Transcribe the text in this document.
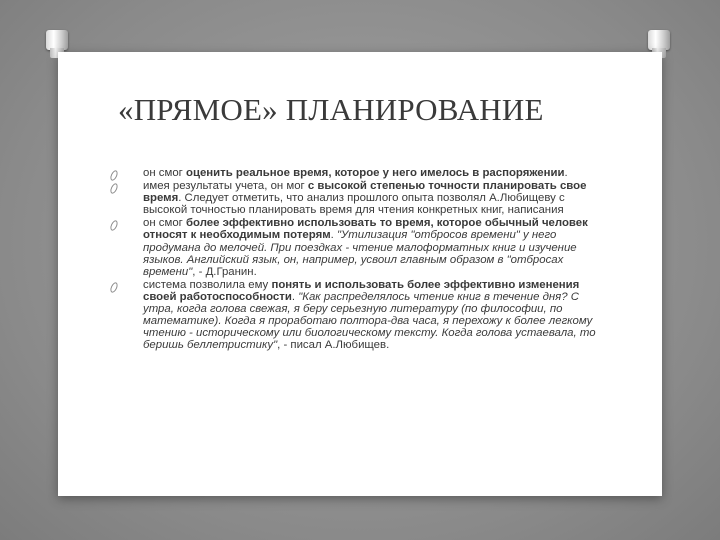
«ПРЯМОЕ» ПЛАНИРОВАНИЕ
он смог оценить реальное время, которое у него имелось в распоряжении.
имея результаты учета, он мог с высокой степенью точности планировать свое время. Следует отметить, что анализ прошлого опыта позволял А.Любищеву с высокой точностью планировать время для чтения конкретных книг, написания
он смог более эффективно использовать то время, которое обычный человек относят к необходимым потерям. "Утилизация "отбросов времени" у него продумана до мелочей. При поездках - чтение малоформатных книг и изучение языков. Английский язык, он, например, усвоил главным образом в "отбросах времени", - Д.Гранин.
система позволила ему понять и использовать более эффективно изменения своей работоспособности. "Как распределялось чтение книг в течение дня? С утра, когда голова свежая, я беру серьезную литературу (по философии, по математике). Когда я проработаю полтора-два часа, я перехожу к более легкому чтению - историческому или биологическому тексту. Когда голова устаевала, то беришь беллетристику", - писал А.Любищев.
